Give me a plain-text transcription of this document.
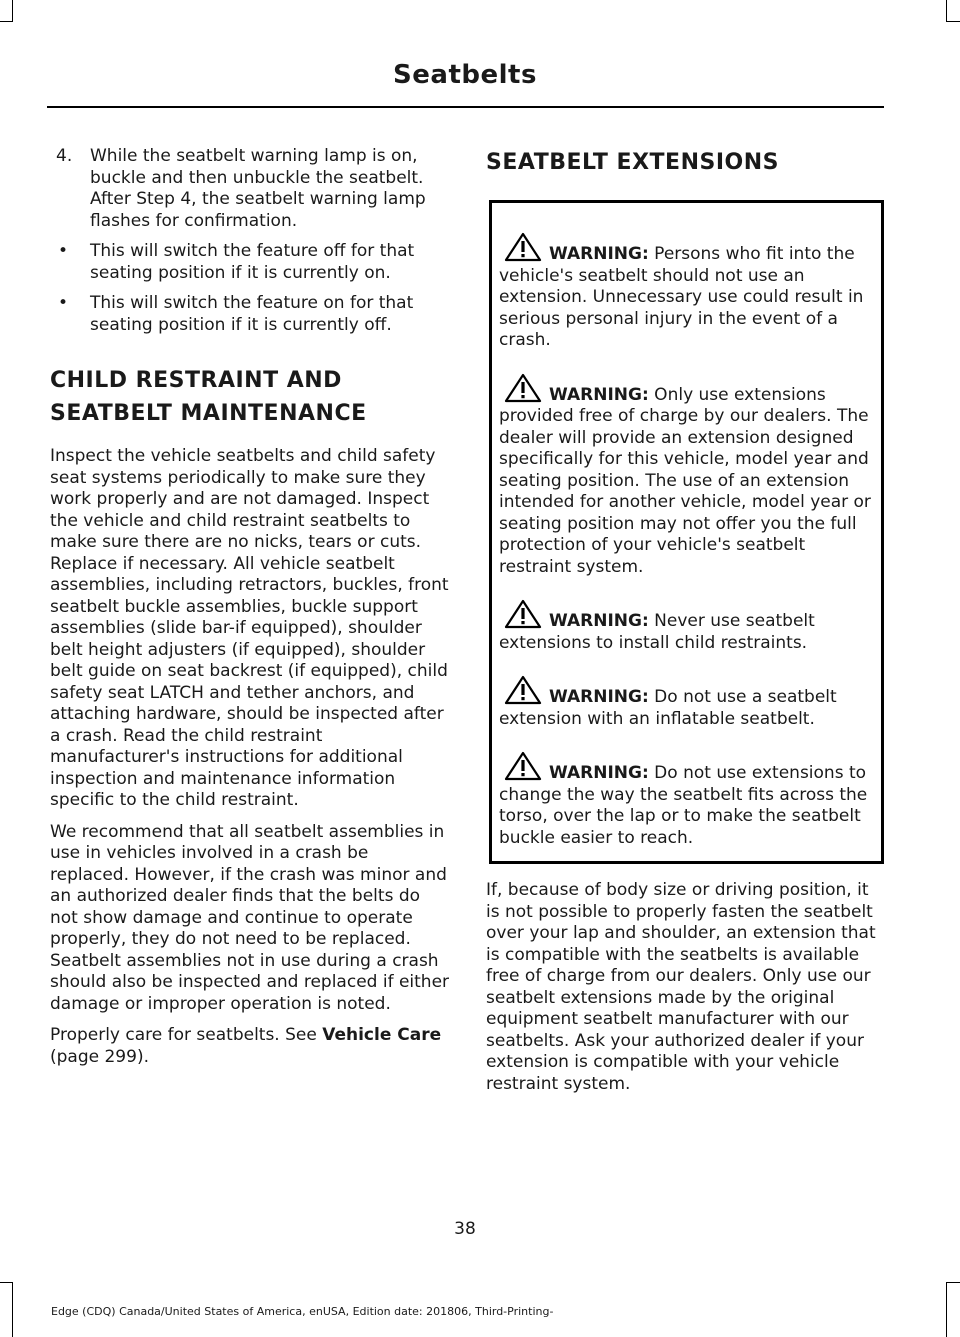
Seatbelts
4. While the seatbelt warning lamp is on, buckle and then unbuckle the seatbelt. After Step 4, the seatbelt warning lamp flashes for confirmation.
• This will switch the feature off for that seating position if it is currently on.
• This will switch the feature on for that seating position if it is currently off.
CHILD RESTRAINT AND
SEATBELT MAINTENANCE

Inspect the vehicle seatbelts and child safety seat systems periodically to make sure they work properly and are not damaged. Inspect the vehicle and child restraint seatbelts to make sure there are no nicks, tears or cuts. Replace if necessary. All vehicle seatbelt assemblies, including retractors, buckles, front seatbelt buckle assemblies, buckle support assemblies (slide bar-if equipped), shoulder belt height adjusters (if equipped), shoulder belt guide on seat backrest (if equipped), child safety seat LATCH and tether anchors, and attaching hardware, should be inspected after a crash. Read the child restraint manufacturer's instructions for additional inspection and maintenance information specific to the child restraint.

We recommend that all seatbelt assemblies in use in vehicles involved in a crash be replaced. However, if the crash was minor and an authorized dealer finds that the belts do not show damage and continue to operate properly, they do not need to be replaced. Seatbelt assemblies not in use during a crash should also be inspected and replaced if either damage or improper operation is noted.

Properly care for seatbelts. See Vehicle Care (page 299).

SEATBELT EXTENSIONS
WARNING: Persons who fit into the vehicle's seatbelt should not use an extension. Unnecessary use could result in serious personal injury in the event of a crash.
WARNING: Only use extensions provided free of charge by our dealers. The dealer will provide an extension designed specifically for this vehicle, model year and seating position. The use of an extension intended for another vehicle, model year or seating position may not offer you the full protection of your vehicle's seatbelt restraint system.
WARNING: Never use seatbelt extensions to install child restraints.
WARNING: Do not use a seatbelt extension with an inflatable seatbelt.
WARNING: Do not use extensions to change the way the seatbelt fits across the torso, over the lap or to make the seatbelt buckle easier to reach.

If, because of body size or driving position, it is not possible to properly fasten the seatbelt over your lap and shoulder, an extension that is compatible with the seatbelts is available free of charge from our dealers. Only use our seatbelt extensions made by the original equipment seatbelt manufacturer with our seatbelts. Ask your authorized dealer if your extension is compatible with your vehicle restraint system.

38
Edge (CDQ) Canada/United States of America, enUSA, Edition date: 201806, Third-Printing-
